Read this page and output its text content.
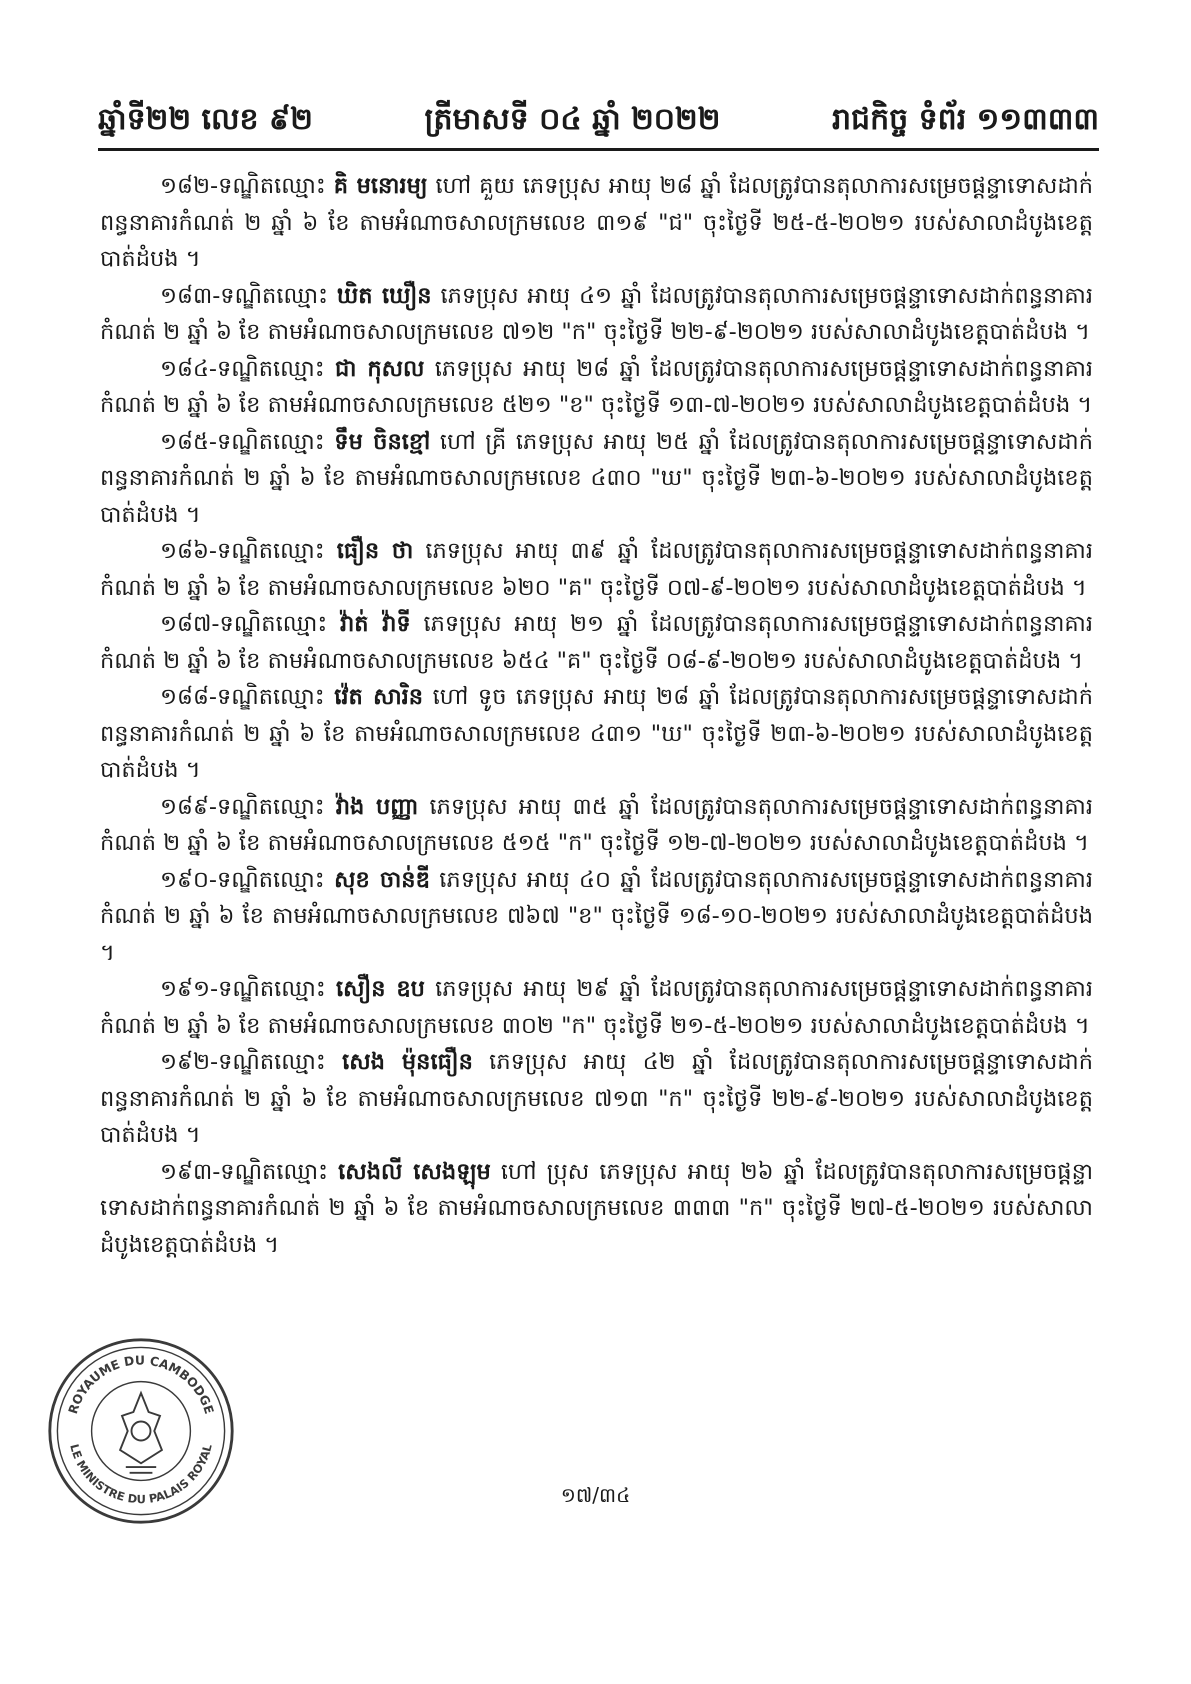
ឆ្នាំទី២២ លេខ ៩២	ត្រីមាសទី ០៤ ឆ្នាំ ២០២២	រាជកិច្ច ទំព័រ ១១៣៣៣

១៨២-ទណ្ឌិតឈ្មោះ គិ មនោរម្យ ហៅ គួយ ភេទប្រុស អាយុ ២៨ ឆ្នាំ ដែលត្រូវបានតុលាការសម្រេចផ្ដន្ទាទោសដាក់ពន្ធនាគារកំណត់ ២ ឆ្នាំ ៦ ខែ តាមអំណាចសាលក្រមលេខ ៣១៩ "ជ" ចុះថ្ងៃទី ២៥-៥-២០២១ របស់សាលាដំបូងខេត្តបាត់ដំបង ។

១៨៣-ទណ្ឌិតឈ្មោះ ឃិត ឃឿន ភេទប្រុស អាយុ ៤១ ឆ្នាំ ដែលត្រូវបានតុលាការសម្រេចផ្ដន្ទាទោសដាក់ពន្ធនាគារកំណត់ ២ ឆ្នាំ ៦ ខែ តាមអំណាចសាលក្រមលេខ ៧១២ "ក" ចុះថ្ងៃទី ២២-៩-២០២១ របស់សាលាដំបូងខេត្តបាត់ដំបង ។

១៨៤-ទណ្ឌិតឈ្មោះ ជា កុសល ភេទប្រុស អាយុ ២៨ ឆ្នាំ ដែលត្រូវបានតុលាការសម្រេចផ្ដន្ទាទោសដាក់ពន្ធនាគារកំណត់ ២ ឆ្នាំ ៦ ខែ តាមអំណាចសាលក្រមលេខ ៥២១ "ខ" ចុះថ្ងៃទី ១៣-៧-២០២១ របស់សាលាដំបូងខេត្តបាត់ដំបង ។

១៨៥-ទណ្ឌិតឈ្មោះ ទឹម ចិនខ្មៅ ហៅ គ្រី ភេទប្រុស អាយុ ២៥ ឆ្នាំ ដែលត្រូវបានតុលាការសម្រេចផ្ដន្ទាទោសដាក់ពន្ធនាគារកំណត់ ២ ឆ្នាំ ៦ ខែ តាមអំណាចសាលក្រមលេខ ៤៣០ "ឃ" ចុះថ្ងៃទី ២៣-៦-២០២១ របស់សាលាដំបូងខេត្តបាត់ដំបង ។

១៨៦-ទណ្ឌិតឈ្មោះ ធឿន ថា ភេទប្រុស អាយុ ៣៩ ឆ្នាំ ដែលត្រូវបានតុលាការសម្រេចផ្ដន្ទាទោសដាក់ពន្ធនាគារកំណត់ ២ ឆ្នាំ ៦ ខែ តាមអំណាចសាលក្រមលេខ ៦២០ "គ" ចុះថ្ងៃទី ០៧-៩-២០២១ របស់សាលាដំបូងខេត្តបាត់ដំបង ។

១៨៧-ទណ្ឌិតឈ្មោះ វ៉ាត់ វ៉ាទី ភេទប្រុស អាយុ ២១ ឆ្នាំ ដែលត្រូវបានតុលាការសម្រេចផ្ដន្ទាទោសដាក់ពន្ធនាគារកំណត់ ២ ឆ្នាំ ៦ ខែ តាមអំណាចសាលក្រមលេខ ៦៥៤ "គ" ចុះថ្ងៃទី ០៨-៩-២០២១ របស់សាលាដំបូងខេត្តបាត់ដំបង ។

១៨៨-ទណ្ឌិតឈ្មោះ វ៉េត សារិន ហៅ ទូច ភេទប្រុស អាយុ ២៨ ឆ្នាំ ដែលត្រូវបានតុលាការសម្រេចផ្ដន្ទាទោសដាក់ពន្ធនាគារកំណត់ ២ ឆ្នាំ ៦ ខែ តាមអំណាចសាលក្រមលេខ ៤៣១ "ឃ" ចុះថ្ងៃទី ២៣-៦-២០២១ របស់សាលាដំបូងខេត្តបាត់ដំបង ។

១៨៩-ទណ្ឌិតឈ្មោះ វ៉ាង បញ្ញា ភេទប្រុស អាយុ ៣៥ ឆ្នាំ ដែលត្រូវបានតុលាការសម្រេចផ្ដន្ទាទោសដាក់ពន្ធនាគារកំណត់ ២ ឆ្នាំ ៦ ខែ តាមអំណាចសាលក្រមលេខ ៥១៥ "ក" ចុះថ្ងៃទី ១២-៧-២០២១ របស់សាលាដំបូងខេត្តបាត់ដំបង ។

១៩០-ទណ្ឌិតឈ្មោះ សុខ ចាន់ឌី ភេទប្រុស អាយុ ៤០ ឆ្នាំ ដែលត្រូវបានតុលាការសម្រេចផ្ដន្ទាទោសដាក់ពន្ធនាគារកំណត់ ២ ឆ្នាំ ៦ ខែ តាមអំណាចសាលក្រមលេខ ៧៦៧ "ខ" ចុះថ្ងៃទី ១៨-១០-២០២១ របស់សាលាដំបូងខេត្តបាត់ដំបង ។

១៩១-ទណ្ឌិតឈ្មោះ សឿន ឧប ភេទប្រុស អាយុ ២៩ ឆ្នាំ ដែលត្រូវបានតុលាការសម្រេចផ្ដន្ទាទោសដាក់ពន្ធនាគារកំណត់ ២ ឆ្នាំ ៦ ខែ តាមអំណាចសាលក្រមលេខ ៣០២ "ក" ចុះថ្ងៃទី ២១-៥-២០២១ របស់សាលាដំបូងខេត្តបាត់ដំបង ។

១៩២-ទណ្ឌិតឈ្មោះ សេង ម៉ុនធឿន ភេទប្រុស អាយុ ៤២ ឆ្នាំ ដែលត្រូវបានតុលាការសម្រេចផ្ដន្ទាទោសដាក់ពន្ធនាគារកំណត់ ២ ឆ្នាំ ៦ ខែ តាមអំណាចសាលក្រមលេខ ៧១៣ "ក" ចុះថ្ងៃទី ២២-៩-២០២១ របស់សាលាដំបូងខេត្តបាត់ដំបង ។

១៩៣-ទណ្ឌិតឈ្មោះ សេងលី សេងឡុម ហៅ ប្រុស ភេទប្រុស អាយុ ២៦ ឆ្នាំ ដែលត្រូវបានតុលាការសម្រេចផ្ដន្ទាទោសដាក់ពន្ធនាគារកំណត់ ២ ឆ្នាំ ៦ ខែ តាមអំណាចសាលក្រមលេខ ៣៣៣ "ក" ចុះថ្ងៃទី ២៧-៥-២០២១ របស់សាលាដំបូងខេត្តបាត់ដំបង ។

១៧/៣៤
ROYAUME DU CAMBODGE
LE MINISTRE DU PALAIS ROYAL
